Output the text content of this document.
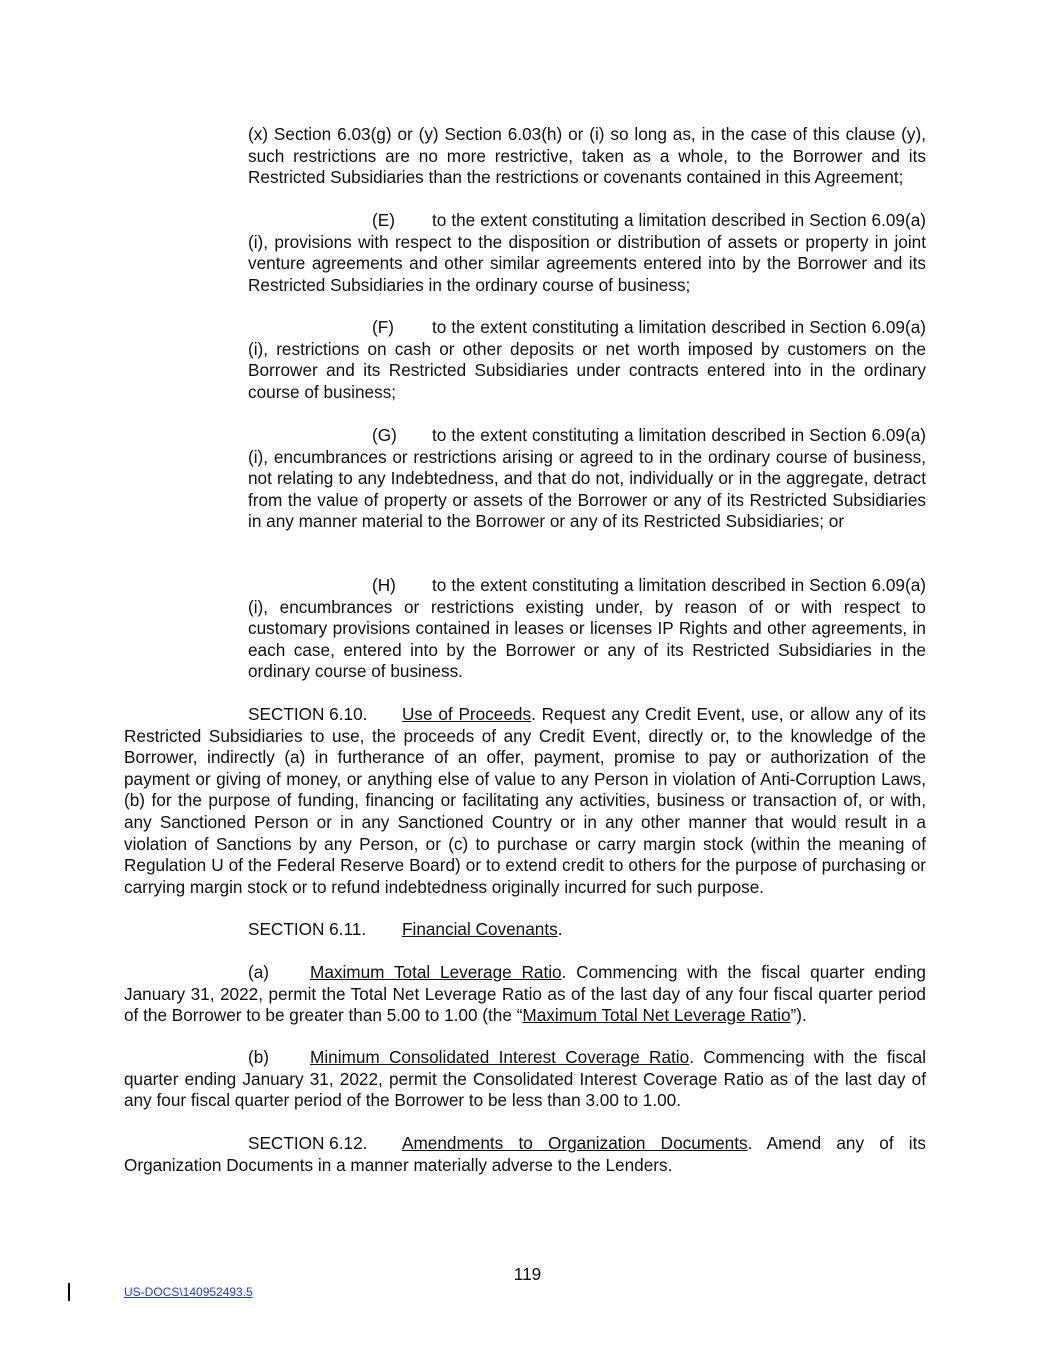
(x) Section 6.03(g) or (y) Section 6.03(h) or (i) so long as, in the case of this clause (y), such restrictions are no more restrictive, taken as a whole, to the Borrower and its Restricted Subsidiaries than the restrictions or covenants contained in this Agreement;

(E) to the extent constituting a limitation described in Section 6.09(a)(i), provisions with respect to the disposition or distribution of assets or property in joint venture agreements and other similar agreements entered into by the Borrower and its Restricted Subsidiaries in the ordinary course of business;

(F) to the extent constituting a limitation described in Section 6.09(a)(i), restrictions on cash or other deposits or net worth imposed by customers on the Borrower and its Restricted Subsidiaries under contracts entered into in the ordinary course of business;

(G) to the extent constituting a limitation described in Section 6.09(a)(i), encumbrances or restrictions arising or agreed to in the ordinary course of business, not relating to any Indebtedness, and that do not, individually or in the aggregate, detract from the value of property or assets of the Borrower or any of its Restricted Subsidiaries in any manner material to the Borrower or any of its Restricted Subsidiaries; or

(H) to the extent constituting a limitation described in Section 6.09(a)(i), encumbrances or restrictions existing under, by reason of or with respect to customary provisions contained in leases or licenses IP Rights and other agreements, in each case, entered into by the Borrower or any of its Restricted Subsidiaries in the ordinary course of business.

SECTION 6.10. Use of Proceeds. Request any Credit Event, use, or allow any of its Restricted Subsidiaries to use, the proceeds of any Credit Event, directly or, to the knowledge of the Borrower, indirectly (a) in furtherance of an offer, payment, promise to pay or authorization of the payment or giving of money, or anything else of value to any Person in violation of Anti-Corruption Laws, (b) for the purpose of funding, financing or facilitating any activities, business or transaction of, or with, any Sanctioned Person or in any Sanctioned Country or in any other manner that would result in a violation of Sanctions by any Person, or (c) to purchase or carry margin stock (within the meaning of Regulation U of the Federal Reserve Board) or to extend credit to others for the purpose of purchasing or carrying margin stock or to refund indebtedness originally incurred for such purpose.

SECTION 6.11. Financial Covenants.

(a) Maximum Total Leverage Ratio. Commencing with the fiscal quarter ending January 31, 2022, permit the Total Net Leverage Ratio as of the last day of any four fiscal quarter period of the Borrower to be greater than 5.00 to 1.00 (the “Maximum Total Net Leverage Ratio”).

(b) Minimum Consolidated Interest Coverage Ratio. Commencing with the fiscal quarter ending January 31, 2022, permit the Consolidated Interest Coverage Ratio as of the last day of any four fiscal quarter period of the Borrower to be less than 3.00 to 1.00.

SECTION 6.12. Amendments to Organization Documents. Amend any of its Organization Documents in a manner materially adverse to the Lenders.

119
US-DOCS\140952493.5
